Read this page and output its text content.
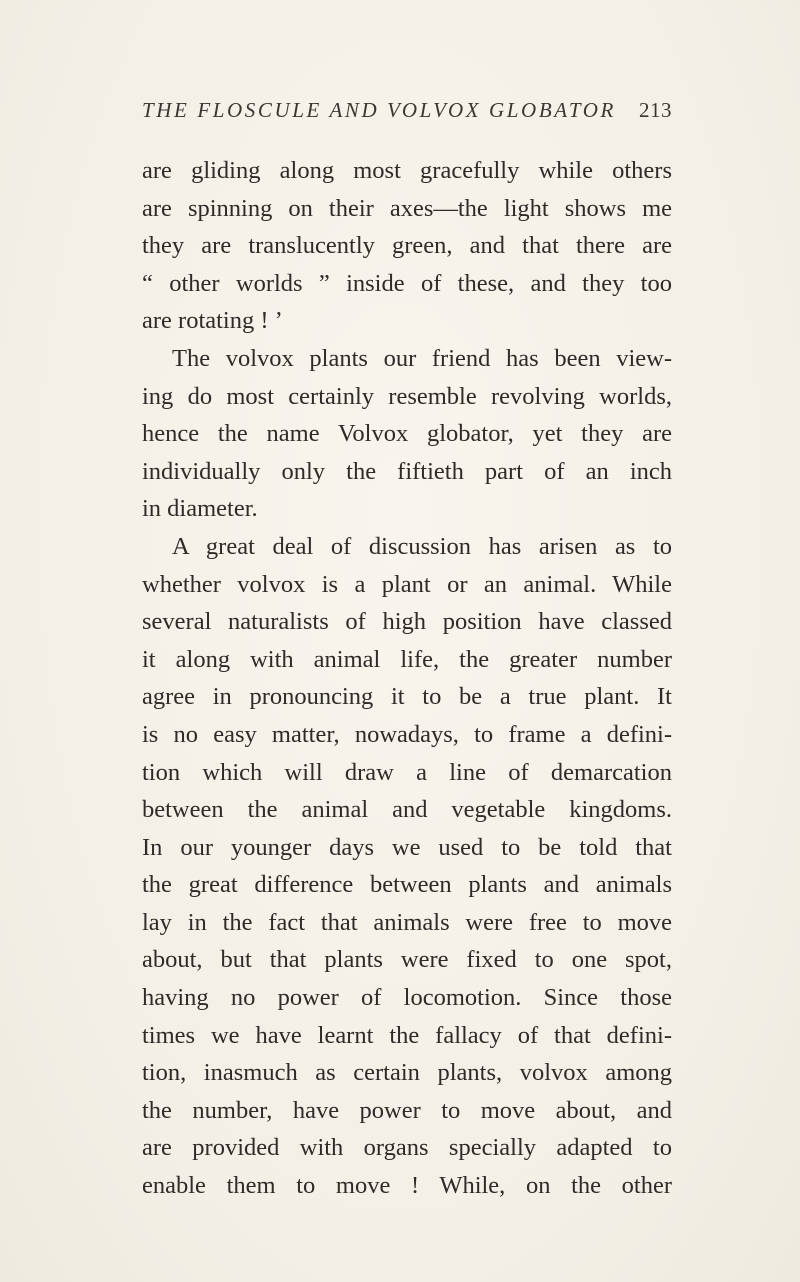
THE FLOSCULE AND VOLVOX GLOBATOR 213
are gliding along most gracefully while others
are spinning on their axes—the light shows me
they are translucently green, and that there are
“ other worlds ” inside of these, and they too
are rotating ! ’
The volvox plants our friend has been view-
ing do most certainly resemble revolving worlds,
hence the name Volvox globator, yet they are
individually only the fiftieth part of an inch
in diameter.
A great deal of discussion has arisen as to
whether volvox is a plant or an animal. While
several naturalists of high position have classed
it along with animal life, the greater number
agree in pronouncing it to be a true plant. It
is no easy matter, nowadays, to frame a defini-
tion which will draw a line of demarcation
between the animal and vegetable kingdoms.
In our younger days we used to be told that
the great difference between plants and animals
lay in the fact that animals were free to move
about, but that plants were fixed to one spot,
having no power of locomotion. Since those
times we have learnt the fallacy of that defini-
tion, inasmuch as certain plants, volvox among
the number, have power to move about, and
are provided with organs specially adapted to
enable them to move ! While, on the other
